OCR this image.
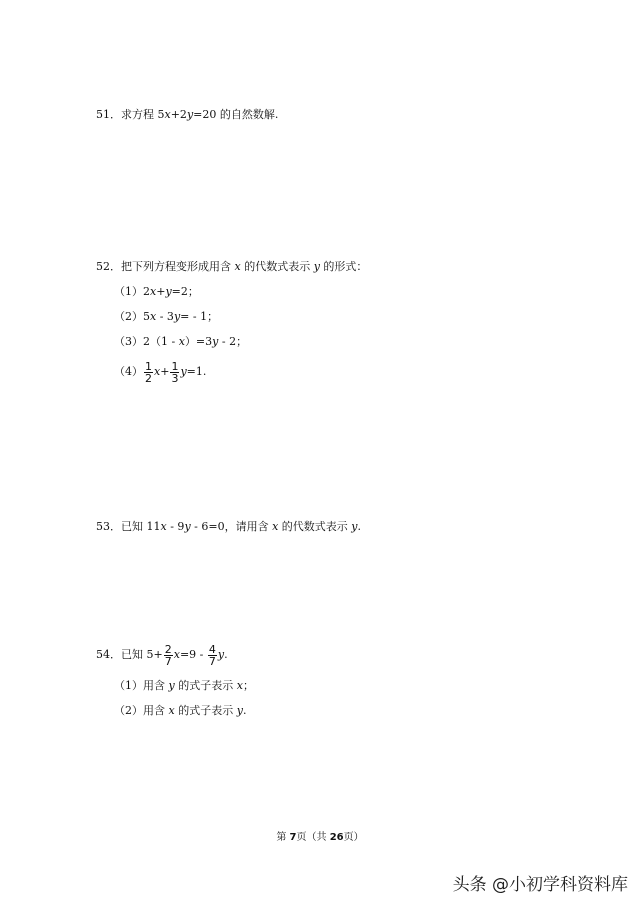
51．求方程 5x+2y=20 的自然数解.
52．把下列方程变形成用含 x 的代数式表示 y 的形式：
（1）2x+y=2；
（2）5x - 3y= - 1；
（3）2（1 - x）=3y - 2；
$(4) \frac{1}{2} x+ \frac{1}{3} y=1$.
53．已知 11x - 9y - 6=0，请用含 x 的代数式表示 y.
54．已知 $5+ \frac{2}{7} x=9 - \frac{4}{7} y$.
（1）用含 y 的式子表示 x；
（2）用含 x 的式子表示 y.
第 7页（共 26页）
头条 @小初学科资料库
